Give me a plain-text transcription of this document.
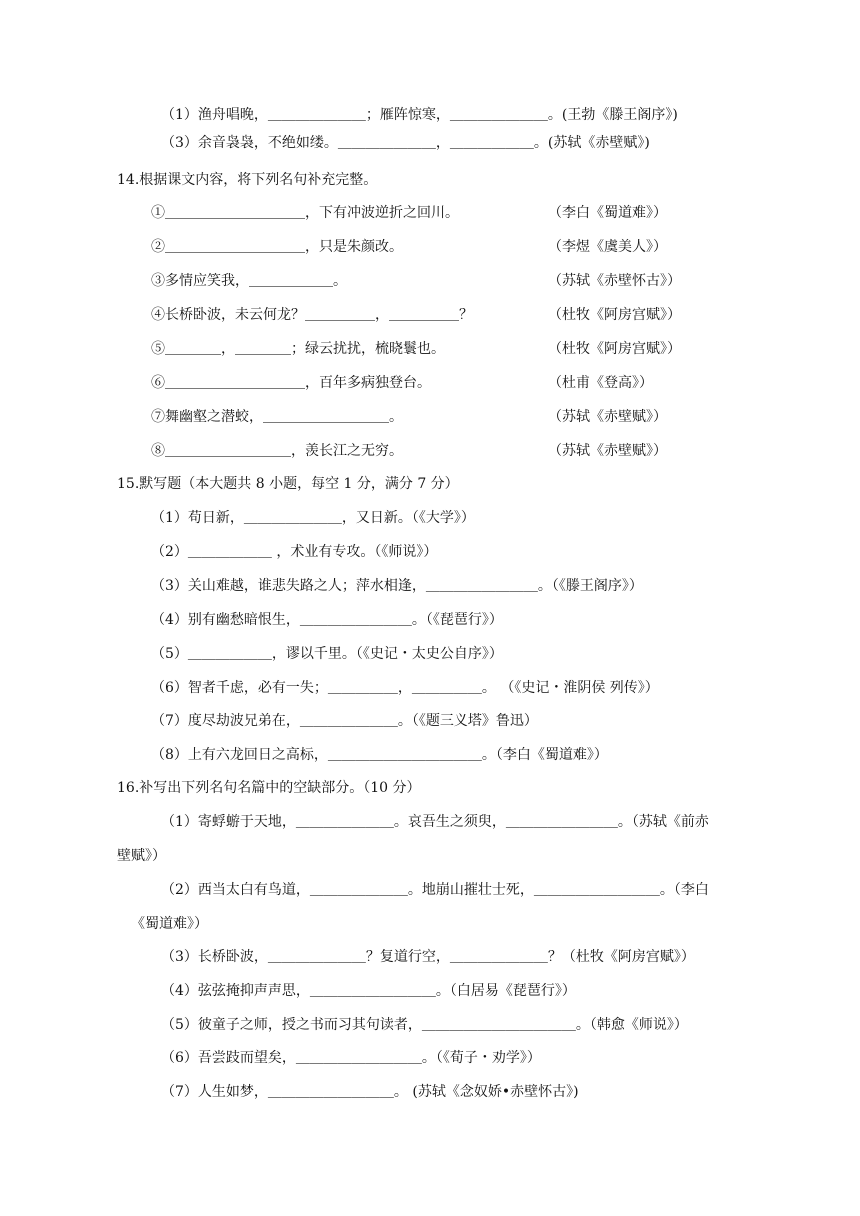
（1）渔舟唱晚，＿＿＿＿＿＿＿；雁阵惊寒，＿＿＿＿＿＿＿。(王勃《滕王阁序》)
（3）余音袅袅，不绝如缕。＿＿＿＿＿＿＿，＿＿＿＿＿＿。(苏轼《赤壁赋》)
14.根据课文内容，将下列名句补充完整。
①＿＿＿＿＿＿＿＿＿＿，下有冲波逆折之回川。	（李白《蜀道难》）
②＿＿＿＿＿＿＿＿＿＿，只是朱颜改。	（李煜《虞美人》）
③多情应笑我，＿＿＿＿＿＿。	（苏轼《赤壁怀古》）
④长桥卧波，未云何龙？＿＿＿＿＿，＿＿＿＿＿？	（杜牧《阿房宫赋》）
⑤＿＿＿＿，＿＿＿＿；绿云扰扰，梳晓鬟也。	（杜牧《阿房宫赋》）
⑥＿＿＿＿＿＿＿＿＿＿，百年多病独登台。	（杜甫《登高》）
⑦舞幽壑之潜蛟，＿＿＿＿＿＿＿＿＿。	（苏轼《赤壁赋》）
⑧＿＿＿＿＿＿＿＿＿，羡长江之无穷。	（苏轼《赤壁赋》）
15.默写题（本大题共 8 小题，每空 1 分，满分 7 分）
（1）苟日新，＿＿＿＿＿＿＿，又日新。（《大学》）
（2）＿＿＿＿＿＿ ，术业有专攻。（《师说》）
（3）关山难越，谁悲失路之人；萍水相逢，＿＿＿＿＿＿＿＿。（《滕王阁序》）
（4）别有幽愁暗恨生，＿＿＿＿＿＿＿＿。（《琵琶行》）
（5）＿＿＿＿＿＿，谬以千里。（《史记・太史公自序》）
（6）智者千虑，必有一失；＿＿＿＿＿，＿＿＿＿＿。 （《史记・淮阴侯 列传》）
（7）度尽劫波兄弟在，＿＿＿＿＿＿＿。（《题三义塔》鲁迅）
（8）上有六龙回日之高标，＿＿＿＿＿＿＿＿＿＿＿。（李白《蜀道难》）
16.补写出下列名句名篇中的空缺部分。（10 分）
（1）寄蜉蝣于天地，＿＿＿＿＿＿＿。哀吾生之须臾，＿＿＿＿＿＿＿＿。（苏轼《前赤
壁赋》）
（2）西当太白有鸟道，＿＿＿＿＿＿＿。地崩山摧壮士死，＿＿＿＿＿＿＿＿＿。（李白
《蜀道难》）
（3）长桥卧波，＿＿＿＿＿＿＿？复道行空，＿＿＿＿＿＿＿？（杜牧《阿房宫赋》）
（4）弦弦掩抑声声思，＿＿＿＿＿＿＿＿＿。（白居易《琵琶行》）
（5）彼童子之师，授之书而习其句读者，＿＿＿＿＿＿＿＿＿＿＿。（韩愈《师说》）
（6）吾尝跂而望矣，＿＿＿＿＿＿＿＿＿。（《荀子・劝学》）
（7）人生如梦，＿＿＿＿＿＿＿＿＿。 (苏轼《念奴娇•赤壁怀古》)
